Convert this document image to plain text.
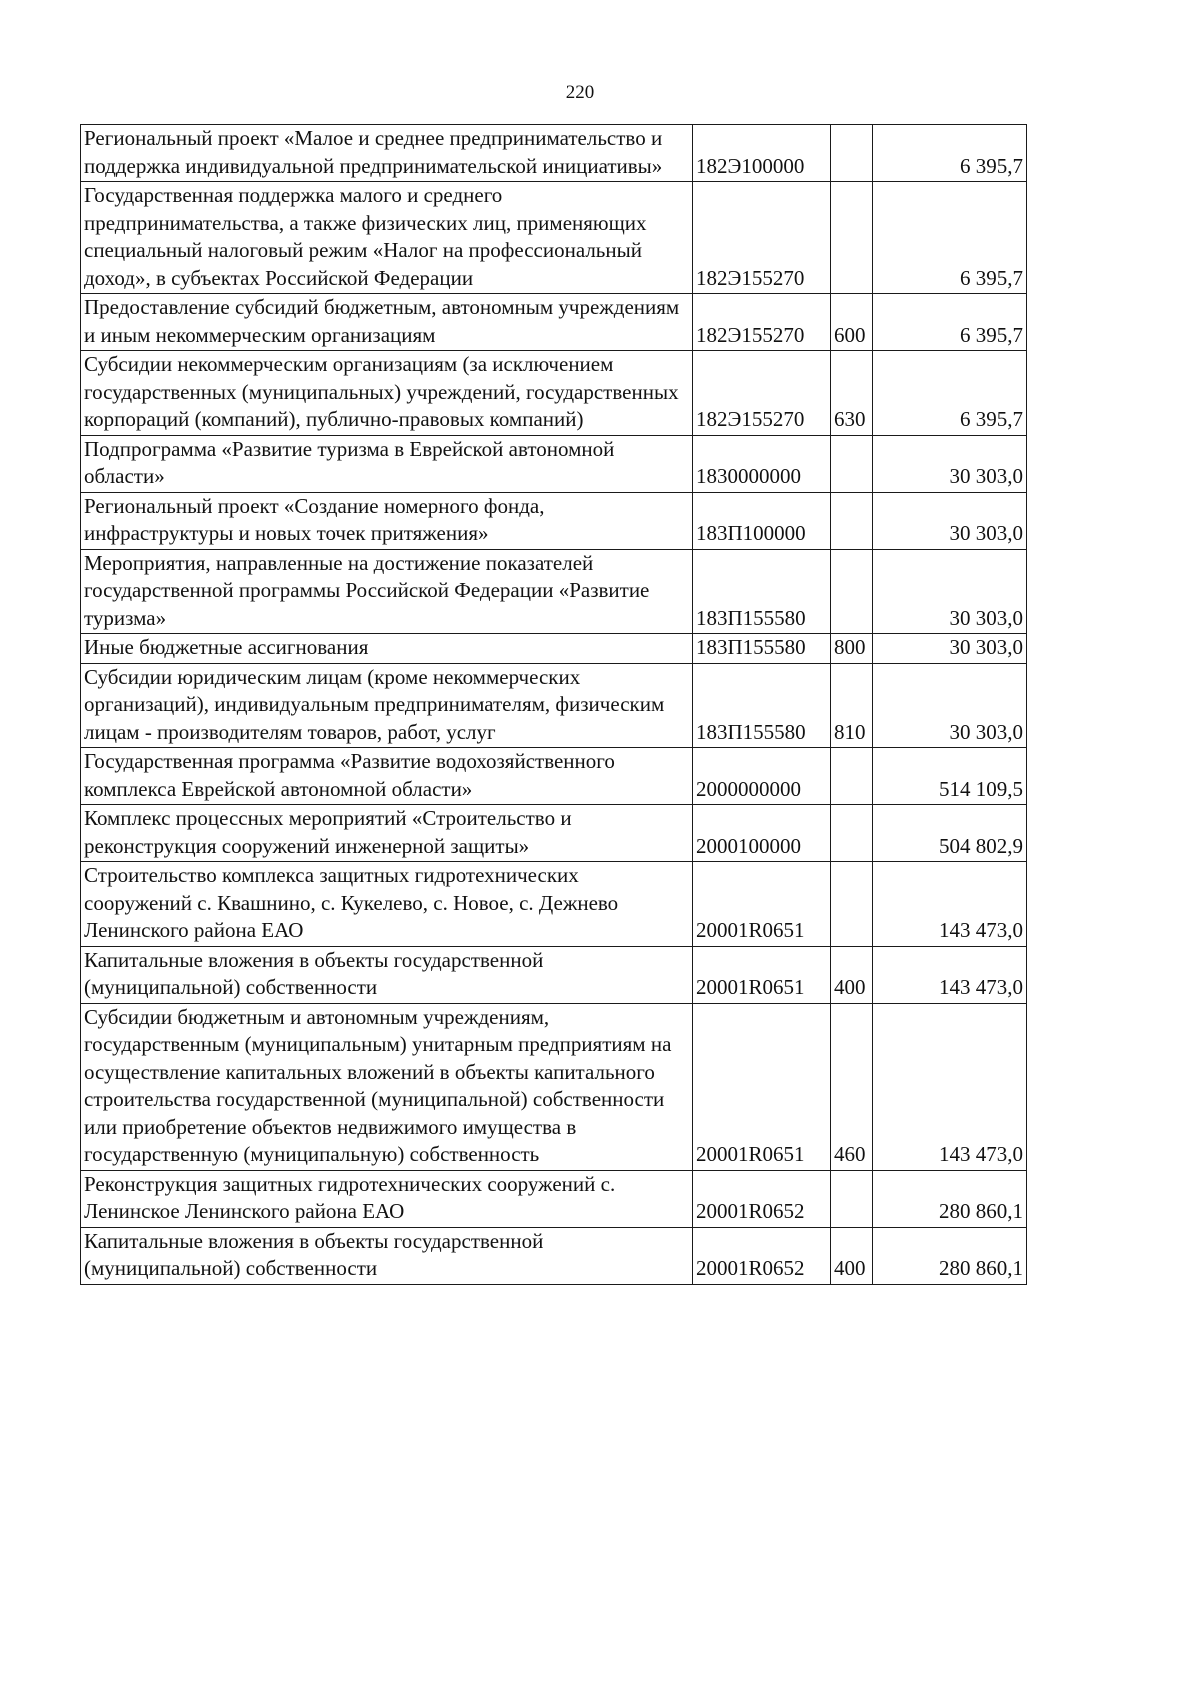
220
Региональный проект «Малое и среднее предпринимательство и поддержка индивидуальной предпринимательской инициативы»	182Э100000		6 395,7
Государственная поддержка малого и среднего предпринимательства, а также физических лиц, применяющих специальный налоговый режим «Налог на профессиональный доход», в субъектах Российской Федерации	182Э155270		6 395,7
Предоставление субсидий бюджетным, автономным учреждениям и иным некоммерческим организациям	182Э155270	600	6 395,7
Субсидии некоммерческим организациям (за исключением государственных (муниципальных) учреждений, государственных корпораций (компаний), публично-правовых компаний)	182Э155270	630	6 395,7
Подпрограмма «Развитие туризма в Еврейской автономной области»	1830000000		30 303,0
Региональный проект «Создание номерного фонда, инфраструктуры и новых точек притяжения»	183П100000		30 303,0
Мероприятия, направленные на достижение показателей государственной программы Российской Федерации «Развитие туризма»	183П155580		30 303,0
Иные бюджетные ассигнования	183П155580	800	30 303,0
Субсидии юридическим лицам (кроме некоммерческих организаций), индивидуальным предпринимателям, физическим лицам - производителям товаров, работ, услуг	183П155580	810	30 303,0
Государственная программа «Развитие водохозяйственного комплекса Еврейской автономной области»	2000000000		514 109,5
Комплекс процессных мероприятий «Строительство и реконструкция сооружений инженерной защиты»	2000100000		504 802,9
Строительство комплекса защитных гидротехнических сооружений с. Квашнино, с. Кукелево, с. Новое, с. Дежнево Ленинского района ЕАО	20001R0651		143 473,0
Капитальные вложения в объекты государственной (муниципальной) собственности	20001R0651	400	143 473,0
Субсидии бюджетным и автономным учреждениям, государственным (муниципальным) унитарным предприятиям на осуществление капитальных вложений в объекты капитального строительства государственной (муниципальной) собственности или приобретение объектов недвижимого имущества в государственную (муниципальную) собственность	20001R0651	460	143 473,0
Реконструкция защитных гидротехнических сооружений с. Ленинское Ленинского района ЕАО	20001R0652		280 860,1
Капитальные вложения в объекты государственной (муниципальной) собственности	20001R0652	400	280 860,1
